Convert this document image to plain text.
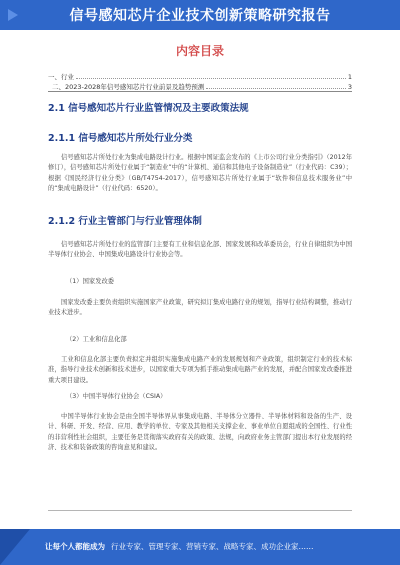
信号感知芯片企业技术创新策略研究报告
内容目录
一、行业	1
二、2023-2028年信号感知芯片行业前景及趋势预测	3
2.1 信号感知芯片行业监管情况及主要政策法规
2.1.1 信号感知芯片所处行业分类
信号感知芯片所处行业为集成电路设计行业。根据中国证监会发布的《上市公司行业分类指引》（2012年修订），信号感知芯片所处行业属于“制造业”中的“计算机、通信和其他电子设备制造业”（行业代码：C39）；根据《国民经济行业分类》（GB/T4754-2017），信号感知芯片所处行业属于“软件和信息技术服务业”中的“集成电路设计”（行业代码：6520）。
2.1.2 行业主管部门与行业管理体制
信号感知芯片所处行业的监管部门主要有工业和信息化部、国家发展和改革委员会，行业自律组织为中国半导体行业协会、中国集成电路设计行业协会等。
（1）国家发改委
国家发改委主要负责组织实施国家产业政策，研究拟订集成电路行业的规划，指导行业结构调整，推动行业技术进步。
（2）工业和信息化部
工业和信息化部主要负责拟定并组织实施集成电路产业的发展规划和产业政策，组织制定行业的技术标准，指导行业技术创新和技术进步，以国家重大专项为抓手推动集成电路产业的发展，并配合国家发改委推进重大项目建设。
（3）中国半导体行业协会（CSIA）
中国半导体行业协会是由全国半导体界从事集成电路、半导体分立器件、半导体材料和设备的生产、设计、科研、开发、经营、应用、教学的单位、专家及其他相关支撑企业、事业单位自愿组成的全国性、行业性的非营利性社会组织，主要任务是贯彻落实政府有关的政策、法规，向政府业务主管部门提出本行业发展的经济、技术和装备政策的咨询意见和建议。
让每个人都能成为 行业专家、管理专家、营销专家、战略专家、成功企业家……
